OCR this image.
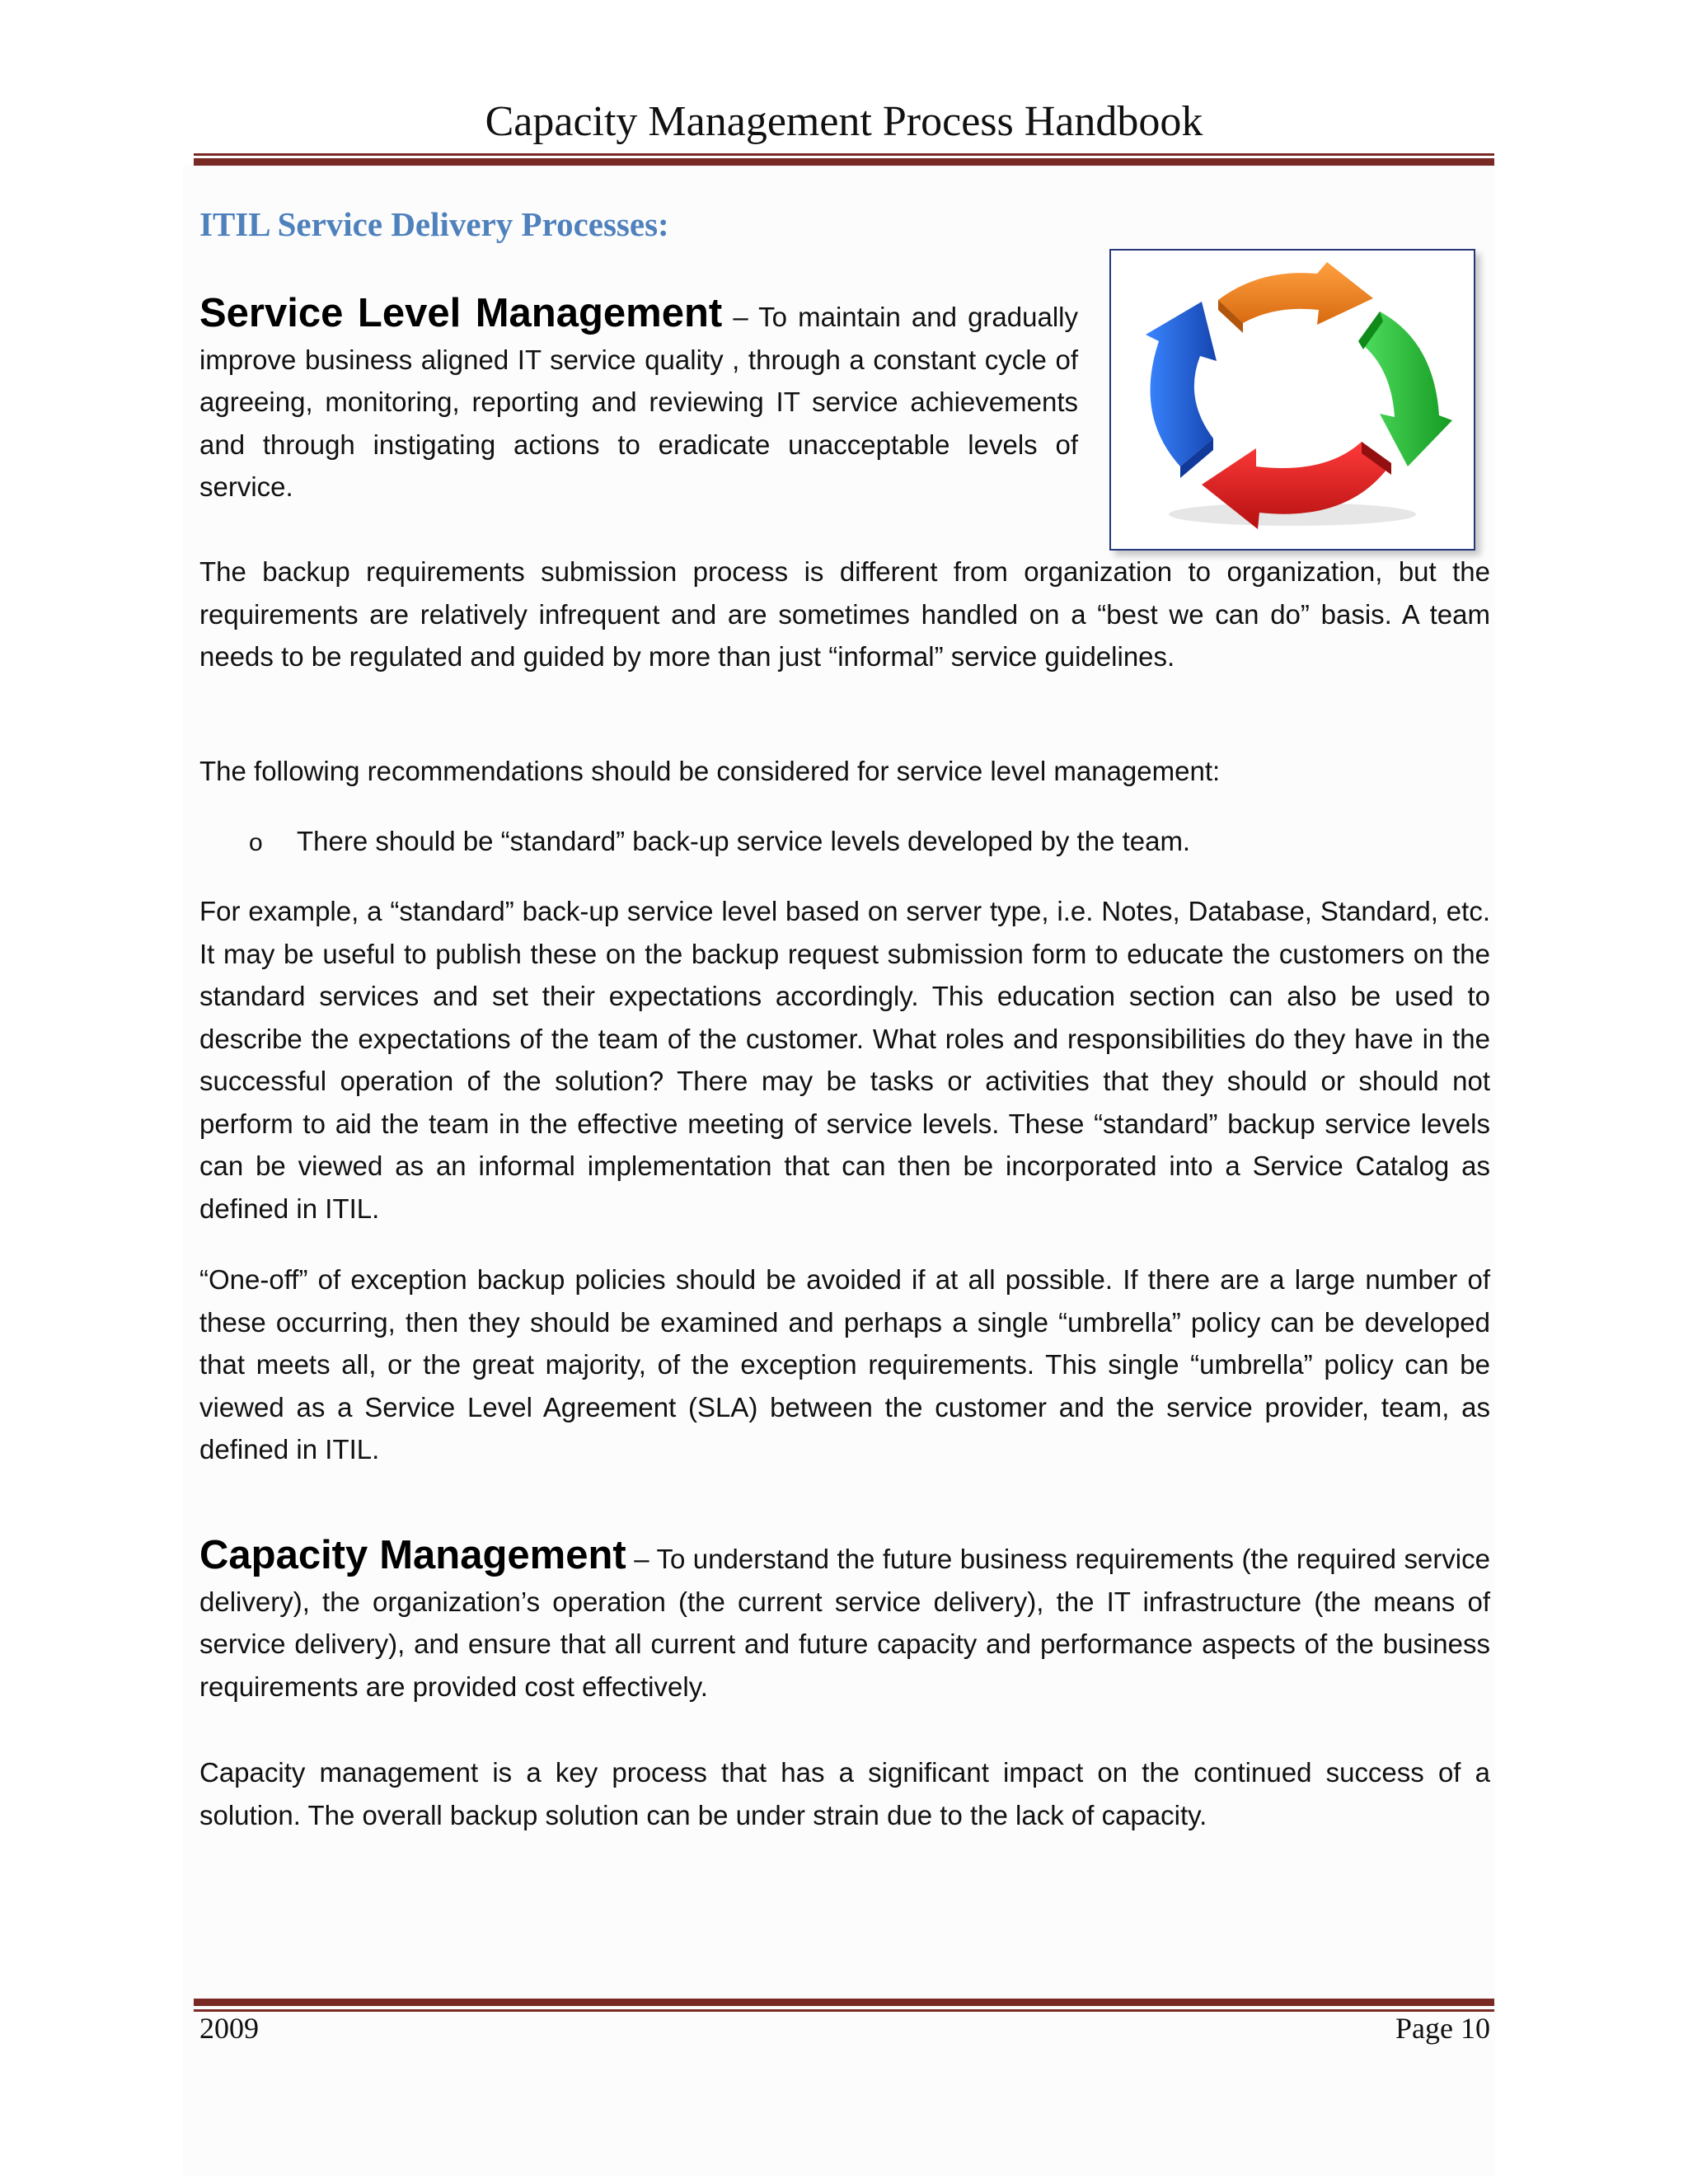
Capacity Management Process Handbook
ITIL Service Delivery Processes:
Service Level Management – To maintain and gradually improve business aligned IT service quality , through a constant cycle of agreeing, monitoring, reporting and reviewing IT service achievements and through instigating actions to eradicate unacceptable levels of service.
The backup requirements submission process is different from organization to organization, but the requirements are relatively infrequent and are sometimes handled on a “best we can do” basis. A team needs to be regulated and guided by more than just “informal” service guidelines.
The following recommendations should be considered for service level management:
o There should be “standard” back-up service levels developed by the team.
For example, a “standard” back-up service level based on server type, i.e. Notes, Database, Standard, etc. It may be useful to publish these on the backup request submission form to educate the customers on the standard services and set their expectations accordingly. This education section can also be used to describe the expectations of the team of the customer. What roles and responsibilities do they have in the successful operation of the solution? There may be tasks or activities that they should or should not perform to aid the team in the effective meeting of service levels. These “standard” backup service levels can be viewed as an informal implementation that can then be incorporated into a Service Catalog as defined in ITIL.
“One-off” of exception backup policies should be avoided if at all possible. If there are a large number of these occurring, then they should be examined and perhaps a single “umbrella” policy can be developed that meets all, or the great majority, of the exception requirements. This single “umbrella” policy can be viewed as a Service Level Agreement (SLA) between the customer and the service provider, team, as defined in ITIL.
Capacity Management – To understand the future business requirements (the required service delivery), the organization’s operation (the current service delivery), the IT infrastructure (the means of service delivery), and ensure that all current and future capacity and performance aspects of the business requirements are provided cost effectively.
Capacity management is a key process that has a significant impact on the continued success of a solution. The overall backup solution can be under strain due to the lack of capacity.
2009	Page 10
